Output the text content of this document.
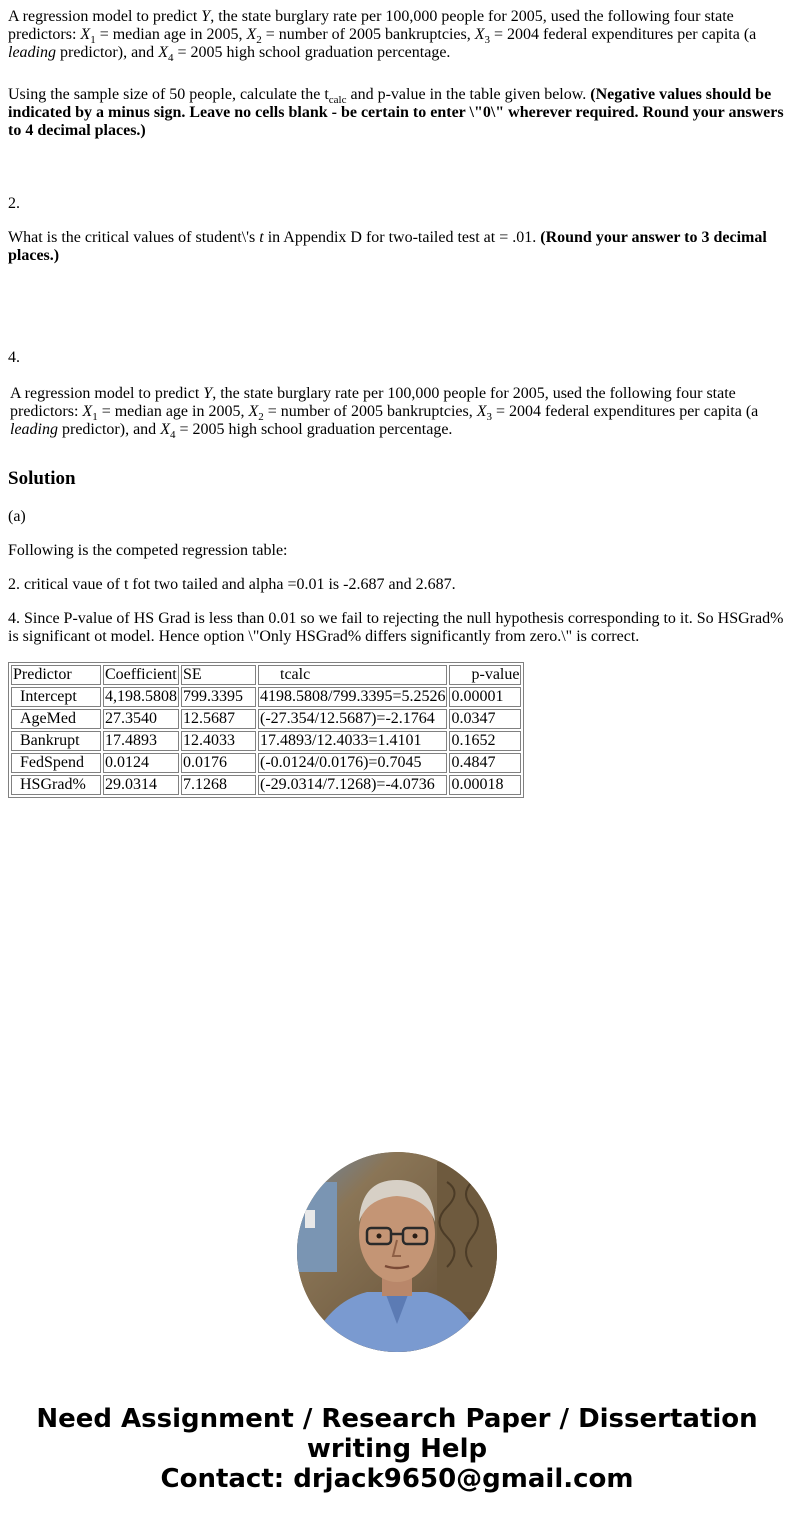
A regression model to predict Y, the state burglary rate per 100,000 people for 2005, used the following four state predictors: $X_1$ = median age in 2005, $X_2$ = number of 2005 bankruptcies, $X_3 = 2004$ federal expenditures per capita (a leading predictor), and $X_4 = 2005$ high school graduation percentage.

Using the sample size of 50 people, calculate the $t_{calc}$ and p-value in the table given below. (Negative values should be indicated by a minus sign. Leave no cells blank - be certain to enter \"0\" wherever required. Round your answers to 4 decimal places.)

2.

What is the critical values of student\'s t in Appendix D for two-tailed test at = .01. (Round your answer to 3 decimal places.)

4.

A regression model to predict Y, the state burglary rate per 100,000 people for 2005, used the following four state predictors: $X_1$ = median age in 2005, $X_2$ = number of 2005 bankruptcies, $X_3 = 2004$ federal expenditures per capita (a leading predictor), and $X_4 = 2005$ high school graduation percentage.

Solution

(a)

Following is the competed regression table:

2. critical vaue of t fot two tailed and alpha =0.01 is -2.687 and 2.687.

4. Since P-value of HS Grad is less than 0.01 so we fail to rejecting the null hypothesis corresponding to it. So HSGrad% is significant ot model. Hence option \"Only HSGrad% differs significantly from zero.\" is correct.

Predictor	Coefficient	SE	tcalc	p-value
Intercept	4,198.5808	799.3395	4198.5808/799.3395=5.2526	0.00001
AgeMed	27.3540	12.5687	(-27.354/12.5687)=-2.1764	0.0347
Bankrupt	17.4893	12.4033	17.4893/12.4033=1.4101	0.1652
FedSpend	0.0124	0.0176	(-0.0124/0.0176)=0.7045	0.4847
HSGrad%	29.0314	7.1268	(-29.0314/7.1268)=-4.0736	0.00018
Need Assignment / Research Paper / Dissertation
writing Help
Contact: drjack9650@gmail.com
